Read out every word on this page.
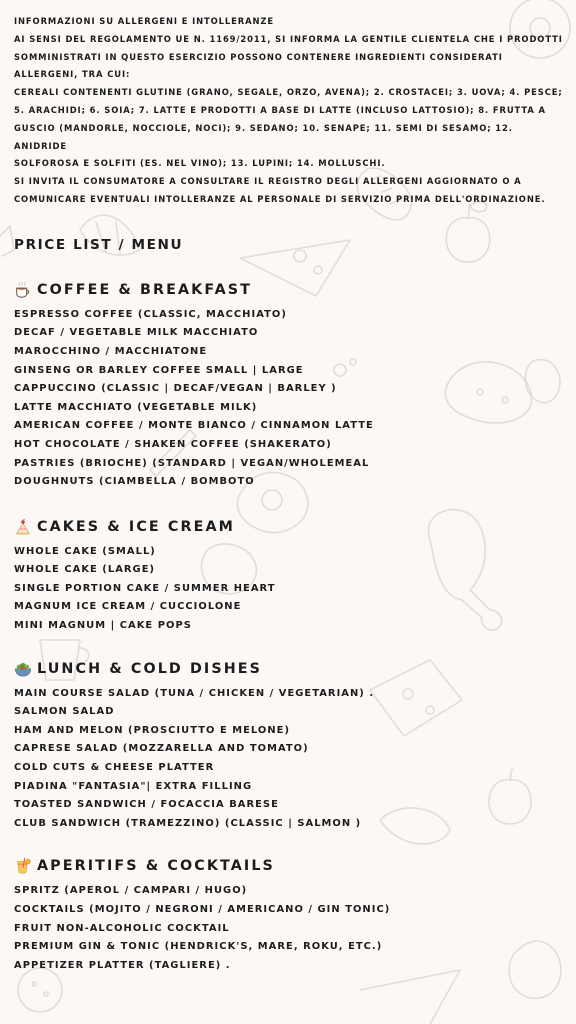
INFORMAZIONI SU ALLERGENI E INTOLLERANZE

AI SENSI DEL REGOLAMENTO UE N. 1169/2011, SI INFORMA LA GENTILE CLIENTELA CHE I PRODOTTI

SOMMINISTRATI IN QUESTO ESERCIZIO POSSONO CONTENERE INGREDIENTI CONSIDERATI

ALLERGENI, TRA CUI:

CEREALI CONTENENTI GLUTINE (GRANO, SEGALE, ORZO, AVENA); 2. CROSTACEI; 3. UOVA; 4. PESCE;

5. ARACHIDI; 6. SOIA; 7. LATTE E PRODOTTI A BASE DI LATTE (INCLUSO LATTOSIO); 8. FRUTTA A

GUSCIO (MANDORLE, NOCCIOLE, NOCI); 9. SEDANO; 10. SENAPE; 11. SEMI DI SESAMO; 12. ANIDRIDE

SOLFOROSA E SOLFITI (ES. NEL VINO); 13. LUPINI; 14. MOLLUSCHI.

SI INVITA IL CONSUMATORE A CONSULTARE IL REGISTRO DEGLI ALLERGENI AGGIORNATO O A

COMUNICARE EVENTUALI INTOLLERANZE AL PERSONALE DI SERVIZIO PRIMA DELL'ORDINAZIONE.

PRICE LIST / MENU
COFFEE & BREAKFAST
ESPRESSO COFFEE (CLASSIC, MACCHIATO)
DECAF / VEGETABLE MILK MACCHIATO
MAROCCHINO / MACCHIATONE
GINSENG OR BARLEY COFFEE SMALL | LARGE
CAPPUCCINO (CLASSIC | DECAF/VEGAN | BARLEY )
LATTE MACCHIATO (VEGETABLE MILK)
AMERICAN COFFEE / MONTE BIANCO / CINNAMON LATTE
HOT CHOCOLATE / SHAKEN COFFEE (SHAKERATO)
PASTRIES (BRIOCHE) (STANDARD | VEGAN/WHOLEMEAL
DOUGHNUTS (CIAMBELLA / BOMBOTO
CAKES & ICE CREAM
WHOLE CAKE (SMALL)
WHOLE CAKE (LARGE)
SINGLE PORTION CAKE / SUMMER HEART
MAGNUM ICE CREAM / CUCCIOLONE
MINI MAGNUM | CAKE POPS
LUNCH & COLD DISHES
MAIN COURSE SALAD (TUNA / CHICKEN / VEGETARIAN) .
SALMON SALAD
HAM AND MELON (PROSCIUTTO E MELONE)
CAPRESE SALAD (MOZZARELLA AND TOMATO)
COLD CUTS & CHEESE PLATTER
PIADINA "FANTASIA"| EXTRA FILLING
TOASTED SANDWICH / FOCACCIA BARESE
CLUB SANDWICH (TRAMEZZINO) (CLASSIC | SALMON )
APERITIFS & COCKTAILS
SPRITZ (APEROL / CAMPARI / HUGO)
COCKTAILS (MOJITO / NEGRONI / AMERICANO / GIN TONIC)
FRUIT NON-ALCOHOLIC COCKTAIL
PREMIUM GIN & TONIC (HENDRICK'S, MARE, ROKU, ETC.)
APPETIZER PLATTER (TAGLIERE) .
